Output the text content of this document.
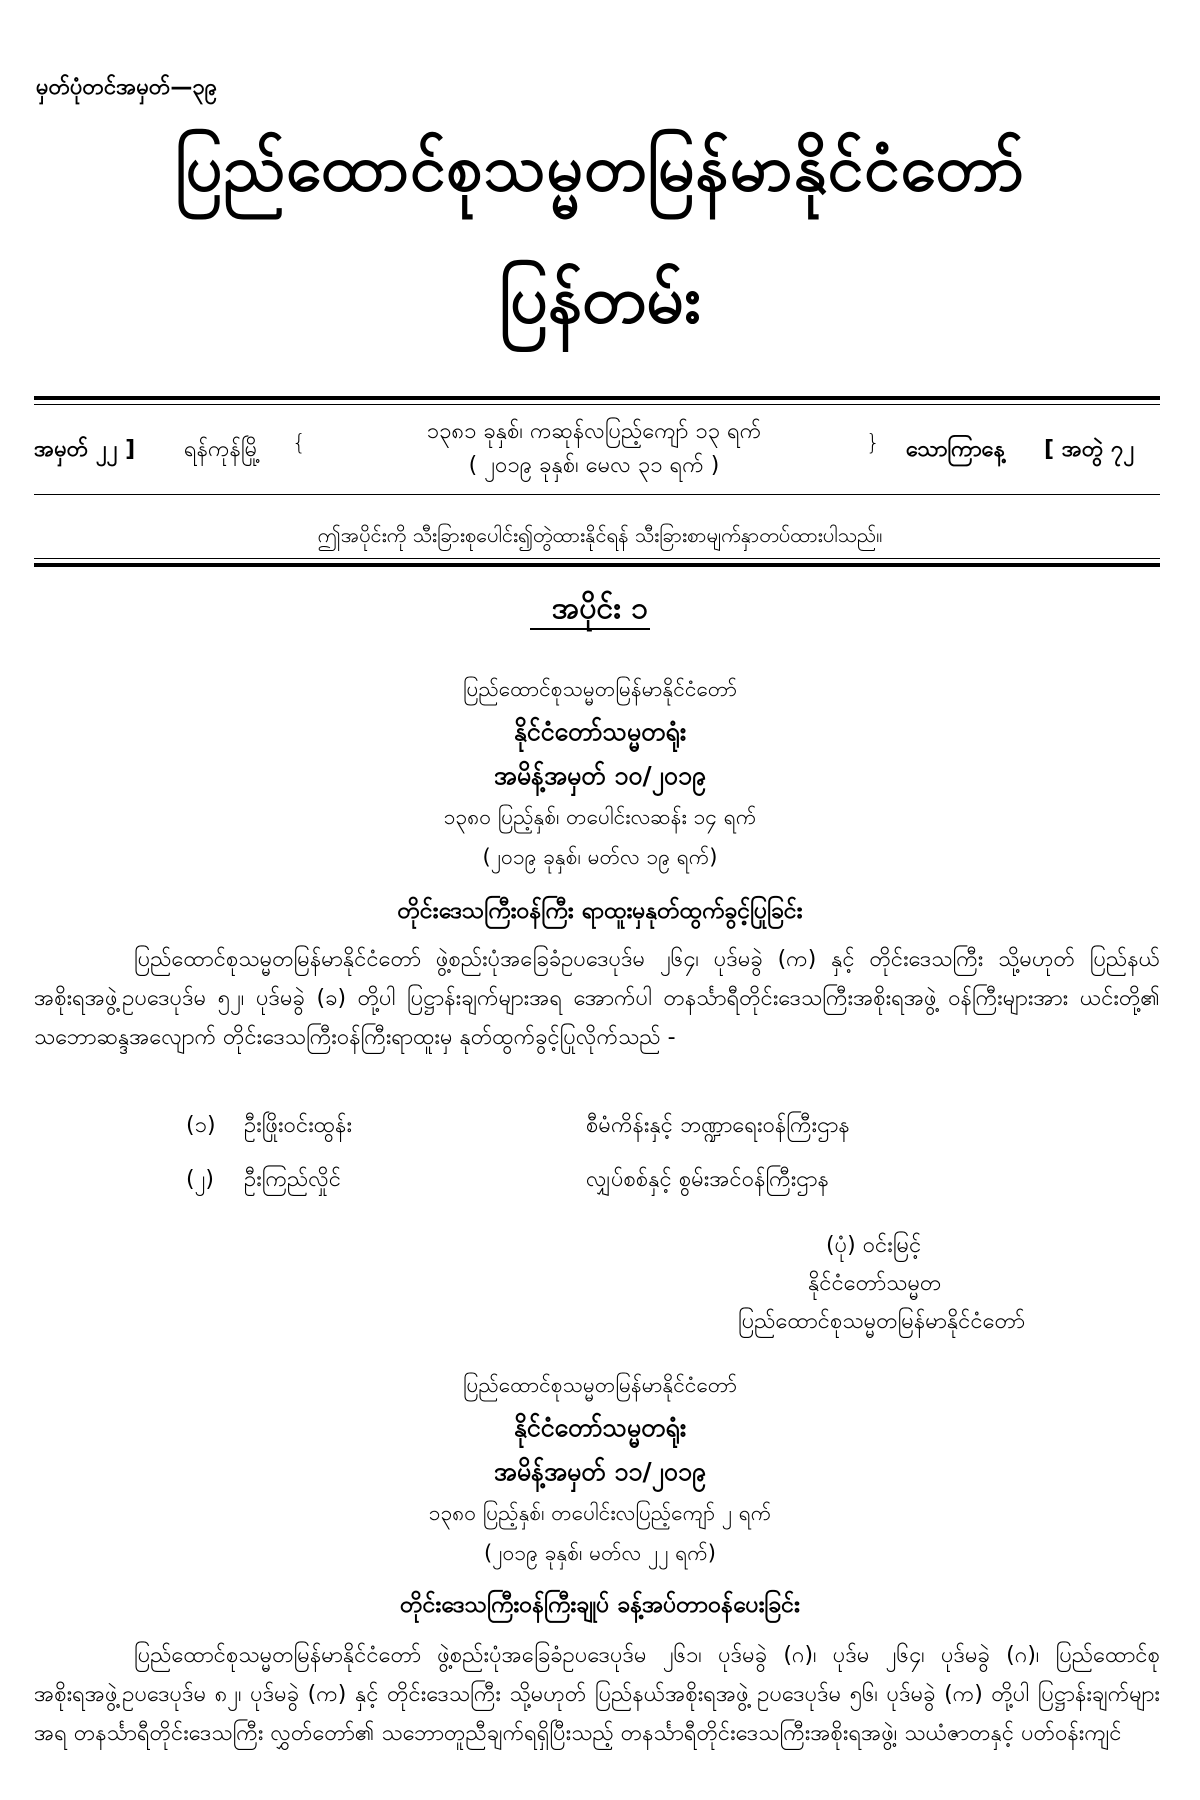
မှတ်ပုံတင်အမှတ်—၃၉
ပြည်ထောင်စုသမ္မတမြန်မာနိုင်ငံတော်
ပြန်တမ်း
အမှတ် ၂၂ ] ရန်ကုန်မြို့ {	၁၃၈၁ ခုနှစ်၊ ကဆုန်လပြည့်ကျော် ၁၃ ရက်
( ၂၀၁၉ ခုနှစ်၊ မေလ ၃၁ ရက် )
} သောကြာနေ့ [ အတွဲ ၇၂
ဤအပိုင်းကို သီးခြားစုပေါင်း၍တွဲထားနိုင်ရန် သီးခြားစာမျက်နှာတပ်ထားပါသည်။
အပိုင်း ၁
ပြည်ထောင်စုသမ္မတမြန်မာနိုင်ငံတော်
နိုင်ငံတော်သမ္မတရုံး
အမိန့်အမှတ် ၁၀/၂၀၁၉
၁၃၈၀ ပြည့်နှစ်၊ တပေါင်းလဆန်း ၁၄ ရက်
(၂၀၁၉ ခုနှစ်၊ မတ်လ ၁၉ ရက်)
တိုင်းဒေသကြီးဝန်ကြီး ရာထူးမှနုတ်ထွက်ခွင့်ပြုခြင်း
ပြည်ထောင်စုသမ္မတမြန်မာနိုင်ငံတော် ဖွဲ့စည်းပုံအခြေခံဥပဒေပုဒ်မ ၂၆၄၊ ပုဒ်မခွဲ (က) နှင့် တိုင်းဒေသကြီး သို့မဟုတ် ပြည်နယ်အစိုးရအဖွဲ့ဥပဒေပုဒ်မ ၅၂၊ ပုဒ်မခွဲ (ခ) တို့ပါ ပြဋ္ဌာန်းချက်များအရ အောက်ပါ တနင်္သာရီတိုင်းဒေသကြီးအစိုးရအဖွဲ့ ဝန်ကြီးများအား ယင်းတို့၏ သဘောဆန္ဒအလျောက် တိုင်းဒေသကြီးဝန်ကြီးရာထူးမှ နုတ်ထွက်ခွင့်ပြုလိုက်သည် -
(၁) ဦးဖြိုးဝင်းထွန်း	စီမံကိန်းနှင့် ဘဏ္ဍာရေးဝန်ကြီးဌာန
(၂) ဦးကြည်လှိုင်	လျှပ်စစ်နှင့် စွမ်းအင်ဝန်ကြီးဌာန
(ပုံ) ဝင်းမြင့်
နိုင်ငံတော်သမ္မတ
ပြည်ထောင်စုသမ္မတမြန်မာနိုင်ငံတော်
ပြည်ထောင်စုသမ္မတမြန်မာနိုင်ငံတော်
နိုင်ငံတော်သမ္မတရုံး
အမိန့်အမှတ် ၁၁/၂၀၁၉
၁၃၈၀ ပြည့်နှစ်၊ တပေါင်းလပြည့်ကျော် ၂ ရက်
(၂၀၁၉ ခုနှစ်၊ မတ်လ ၂၂ ရက်)
တိုင်းဒေသကြီးဝန်ကြီးချုပ် ခန့်အပ်တာဝန်ပေးခြင်း
ပြည်ထောင်စုသမ္မတမြန်မာနိုင်ငံတော် ဖွဲ့စည်းပုံအခြေခံဥပဒေပုဒ်မ ၂၆၁၊ ပုဒ်မခွဲ (ဂ)၊ ပုဒ်မ ၂၆၄၊ ပုဒ်မခွဲ (ဂ)၊ ပြည်ထောင်စုအစိုးရအဖွဲ့ဥပဒေပုဒ်မ ၈၂၊ ပုဒ်မခွဲ (က) နှင့် တိုင်းဒေသကြီး သို့မဟုတ် ပြည်နယ်အစိုးရအဖွဲ့ ဥပဒေပုဒ်မ ၅၆၊ ပုဒ်မခွဲ (က) တို့ပါ ပြဋ္ဌာန်းချက်များအရ တနင်္သာရီတိုင်းဒေသကြီး လွှတ်တော်၏ သဘောတူညီချက်ရရှိပြီးသည့် တနင်္သာရီတိုင်းဒေသကြီးအစိုးရအဖွဲ့၊ သယံဇာတနှင့် ပတ်ဝန်းကျင်
